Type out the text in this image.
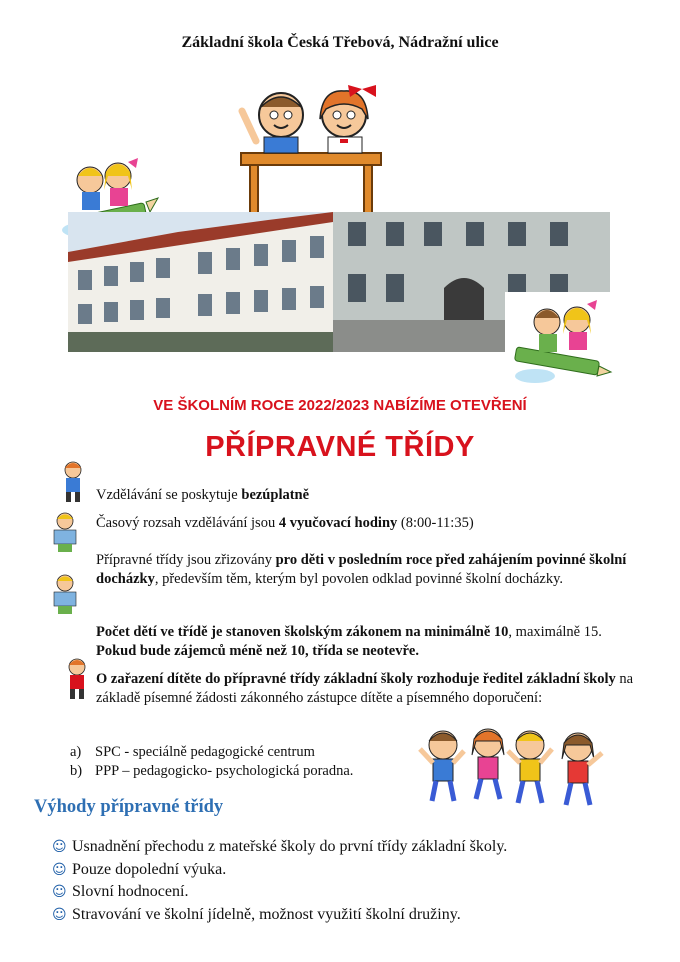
Základní škola Česká Třebová, Nádražní ulice
VE ŠKOLNÍM ROCE 2022/2023 NABÍZÍME OTEVŘENÍ
PŘÍPRAVNÉ TŘÍDY
Vzdělávání se poskytuje bezúplatně
Časový rozsah vzdělávání jsou 4 vyučovací hodiny (8:00-11:35)
Přípravné třídy jsou zřizovány pro děti v posledním roce před zahájením povinné školní docházky, především těm, kterým byl povolen odklad povinné školní docházky.
Počet dětí ve třídě je stanoven školským zákonem na minimálně 10, maximálně 15. Pokud bude zájemců méně než 10, třída se neotevře.
O zařazení dítěte do přípravné třídy základní školy rozhoduje ředitel základní školy na základě písemné žádosti zákonného zástupce dítěte a písemného doporučení:
a) SPC - speciálně pedagogické centrum
b) PPP – pedagogicko- psychologická poradna.
Výhody přípravné třídy
☺ Usnadnění přechodu z mateřské školy do první třídy základní školy.
☺ Pouze dopolední výuka.
☺ Slovní hodnocení.
☺ Stravování ve školní jídelně, možnost využití školní družiny.
